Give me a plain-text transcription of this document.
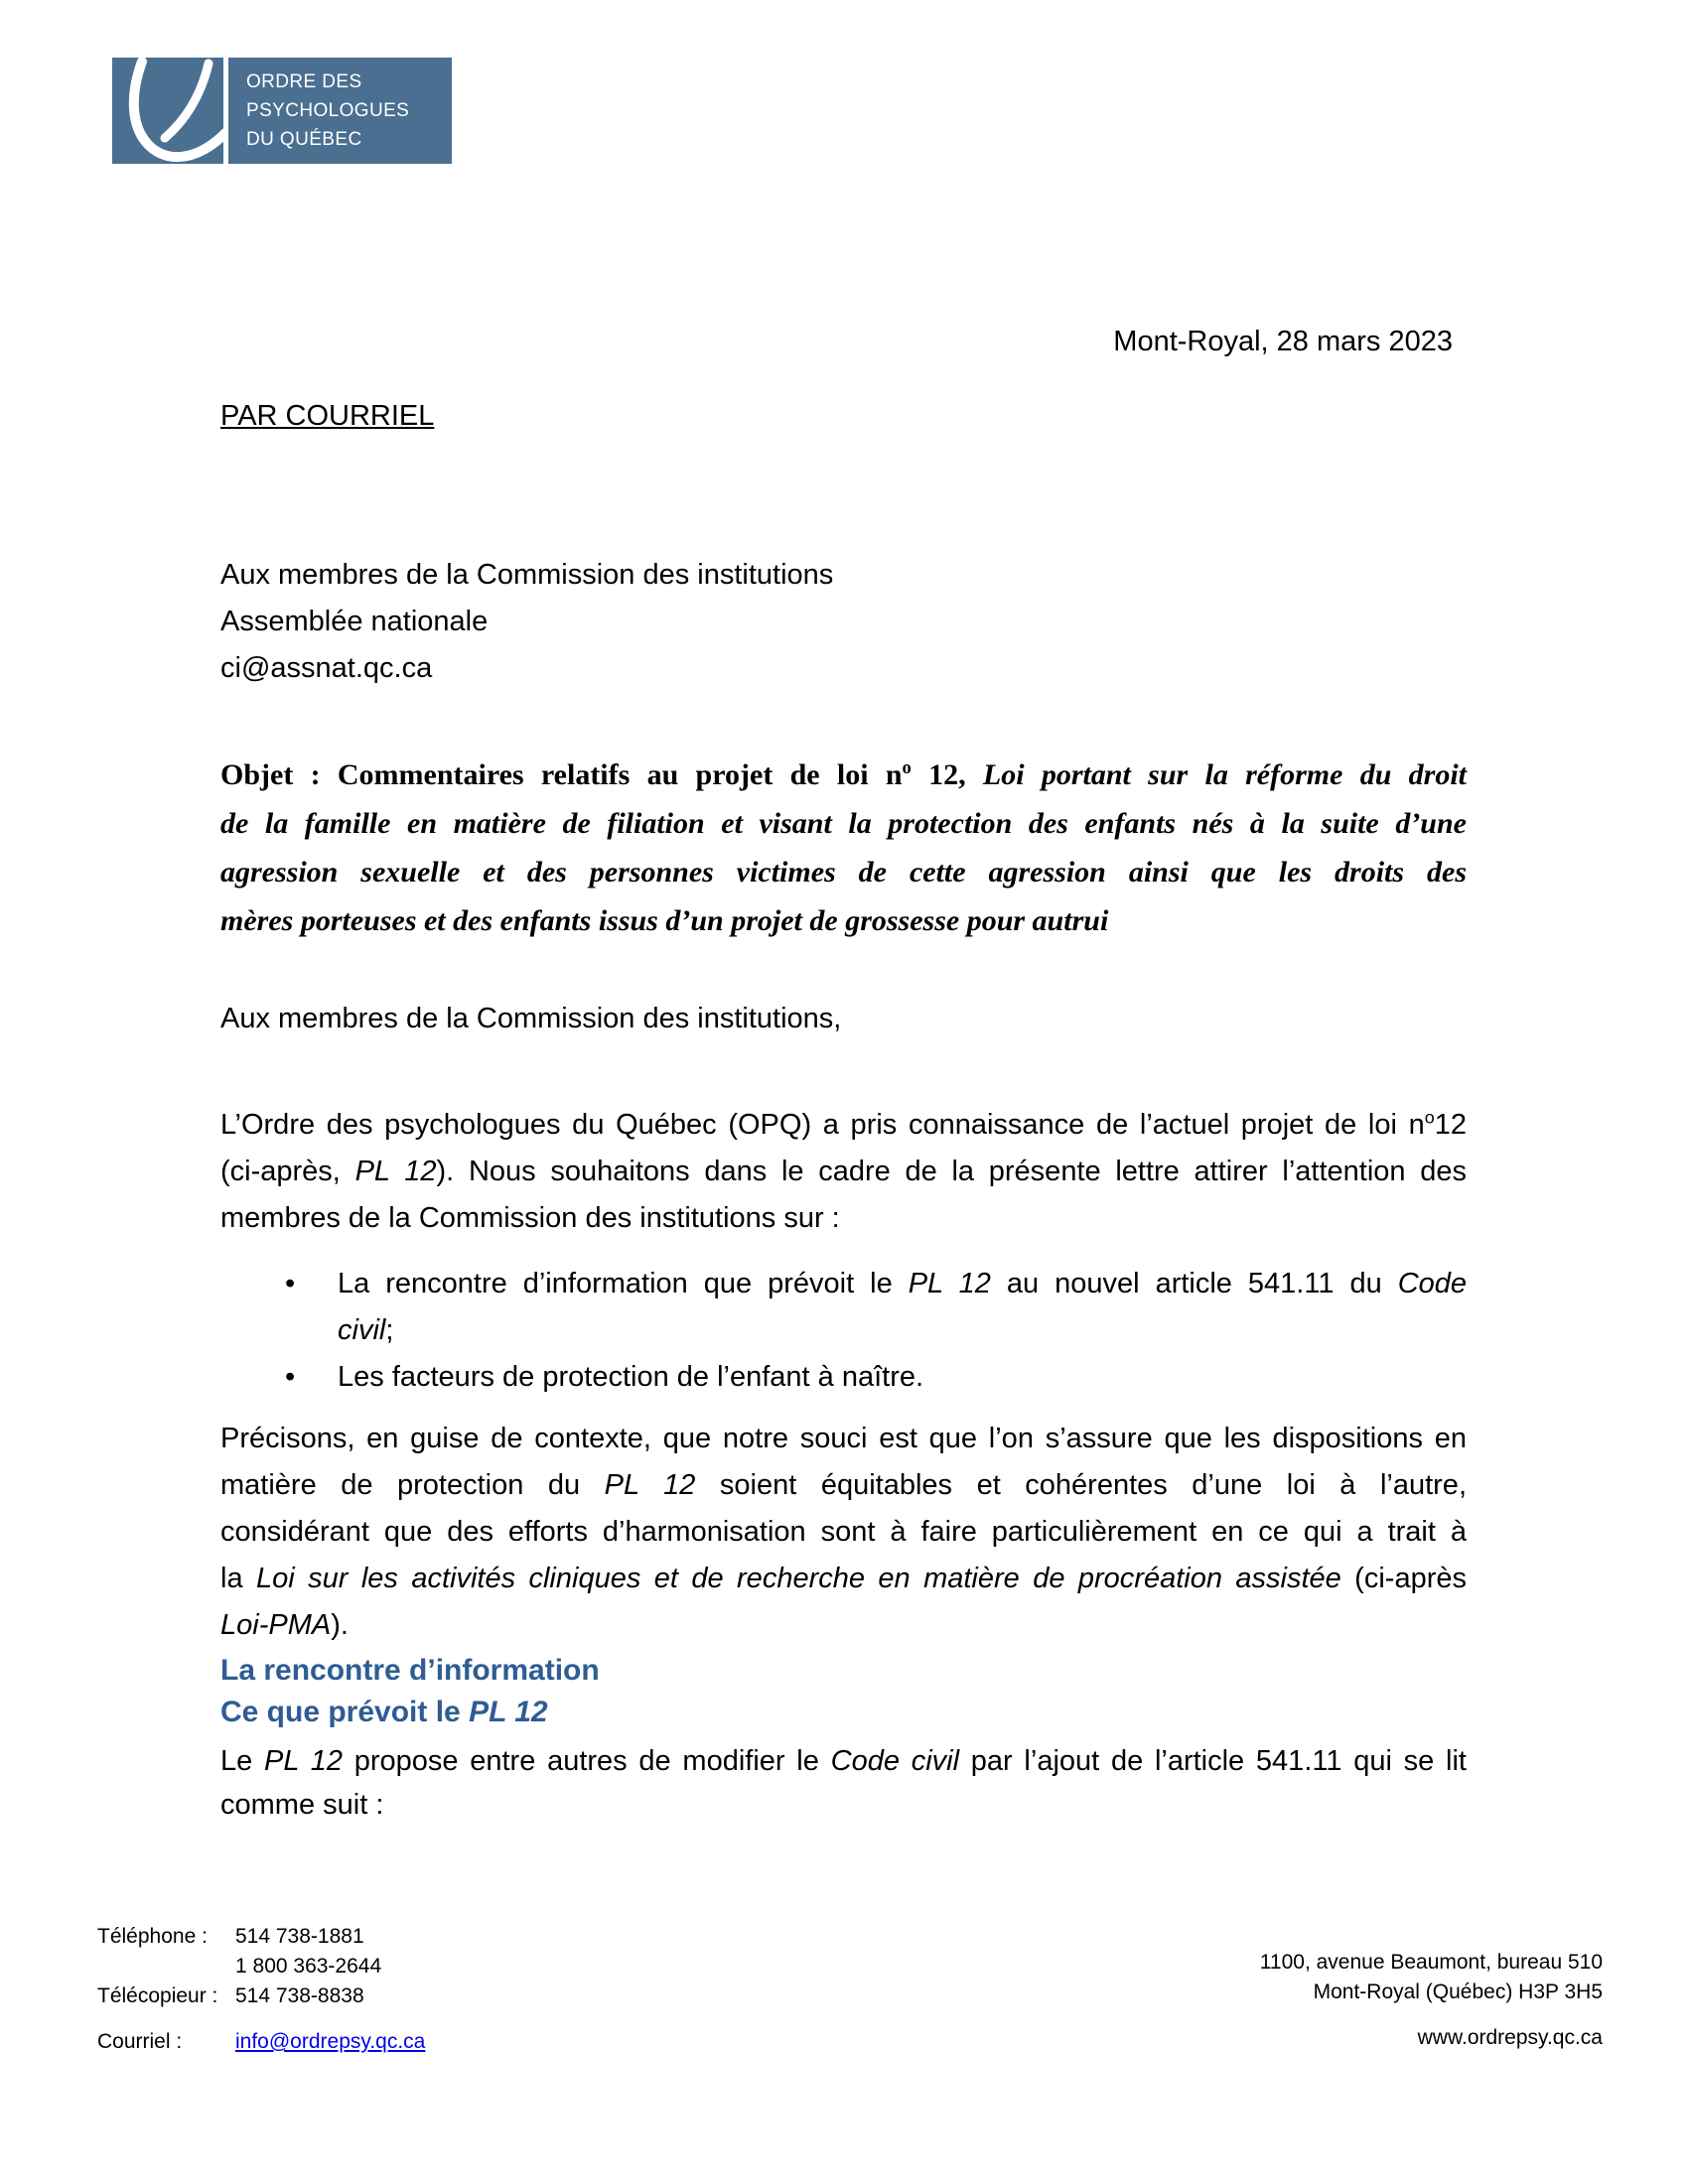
ORDRE DES
PSYCHOLOGUES
DU QUÉBEC
Mont-Royal, 28 mars 2023
PAR COURRIEL
Aux membres de la Commission des institutions
Assemblée nationale
ci@assnat.qc.ca
Objet : Commentaires relatifs au projet de loi $n^o$ 12, Loi portant sur la réforme du droit
de la famille en matière de filiation et visant la protection des enfants nés à la suite d’une
agression sexuelle et des personnes victimes de cette agression ainsi que les droits des
mères porteuses et des enfants issus d’un projet de grossesse pour autrui
Aux membres de la Commission des institutions,
L’Ordre des psychologues du Québec (OPQ) a pris connaissance de l’actuel projet de loi $n^o12$
(ci-après, PL 12). Nous souhaitons dans le cadre de la présente lettre attirer l’attention des
membres de la Commission des institutions sur :
•	La rencontre d’information que prévoit le PL 12 au nouvel article 541.11 du Code
civil;
•	Les facteurs de protection de l’enfant à naître.
Précisons, en guise de contexte, que notre souci est que l’on s’assure que les dispositions en
matière de protection du PL 12 soient équitables et cohérentes d’une loi à l’autre,
considérant que des efforts d’harmonisation sont à faire particulièrement en ce qui a trait à
la Loi sur les activités cliniques et de recherche en matière de procréation assistée (ci-après
Loi-PMA).
La rencontre d’information
Ce que prévoit le PL 12
Le PL 12 propose entre autres de modifier le Code civil par l’ajout de l’article 541.11 qui se lit
comme suit :
Téléphone :	514 738-1881
1 800 363-2644
Télécopieur : 514 738-8838
Courriel :	info@ordrepsy.qc.ca
1100, avenue Beaumont, bureau 510
Mont-Royal (Québec) H3P 3H5
www.ordrepsy.qc.ca
